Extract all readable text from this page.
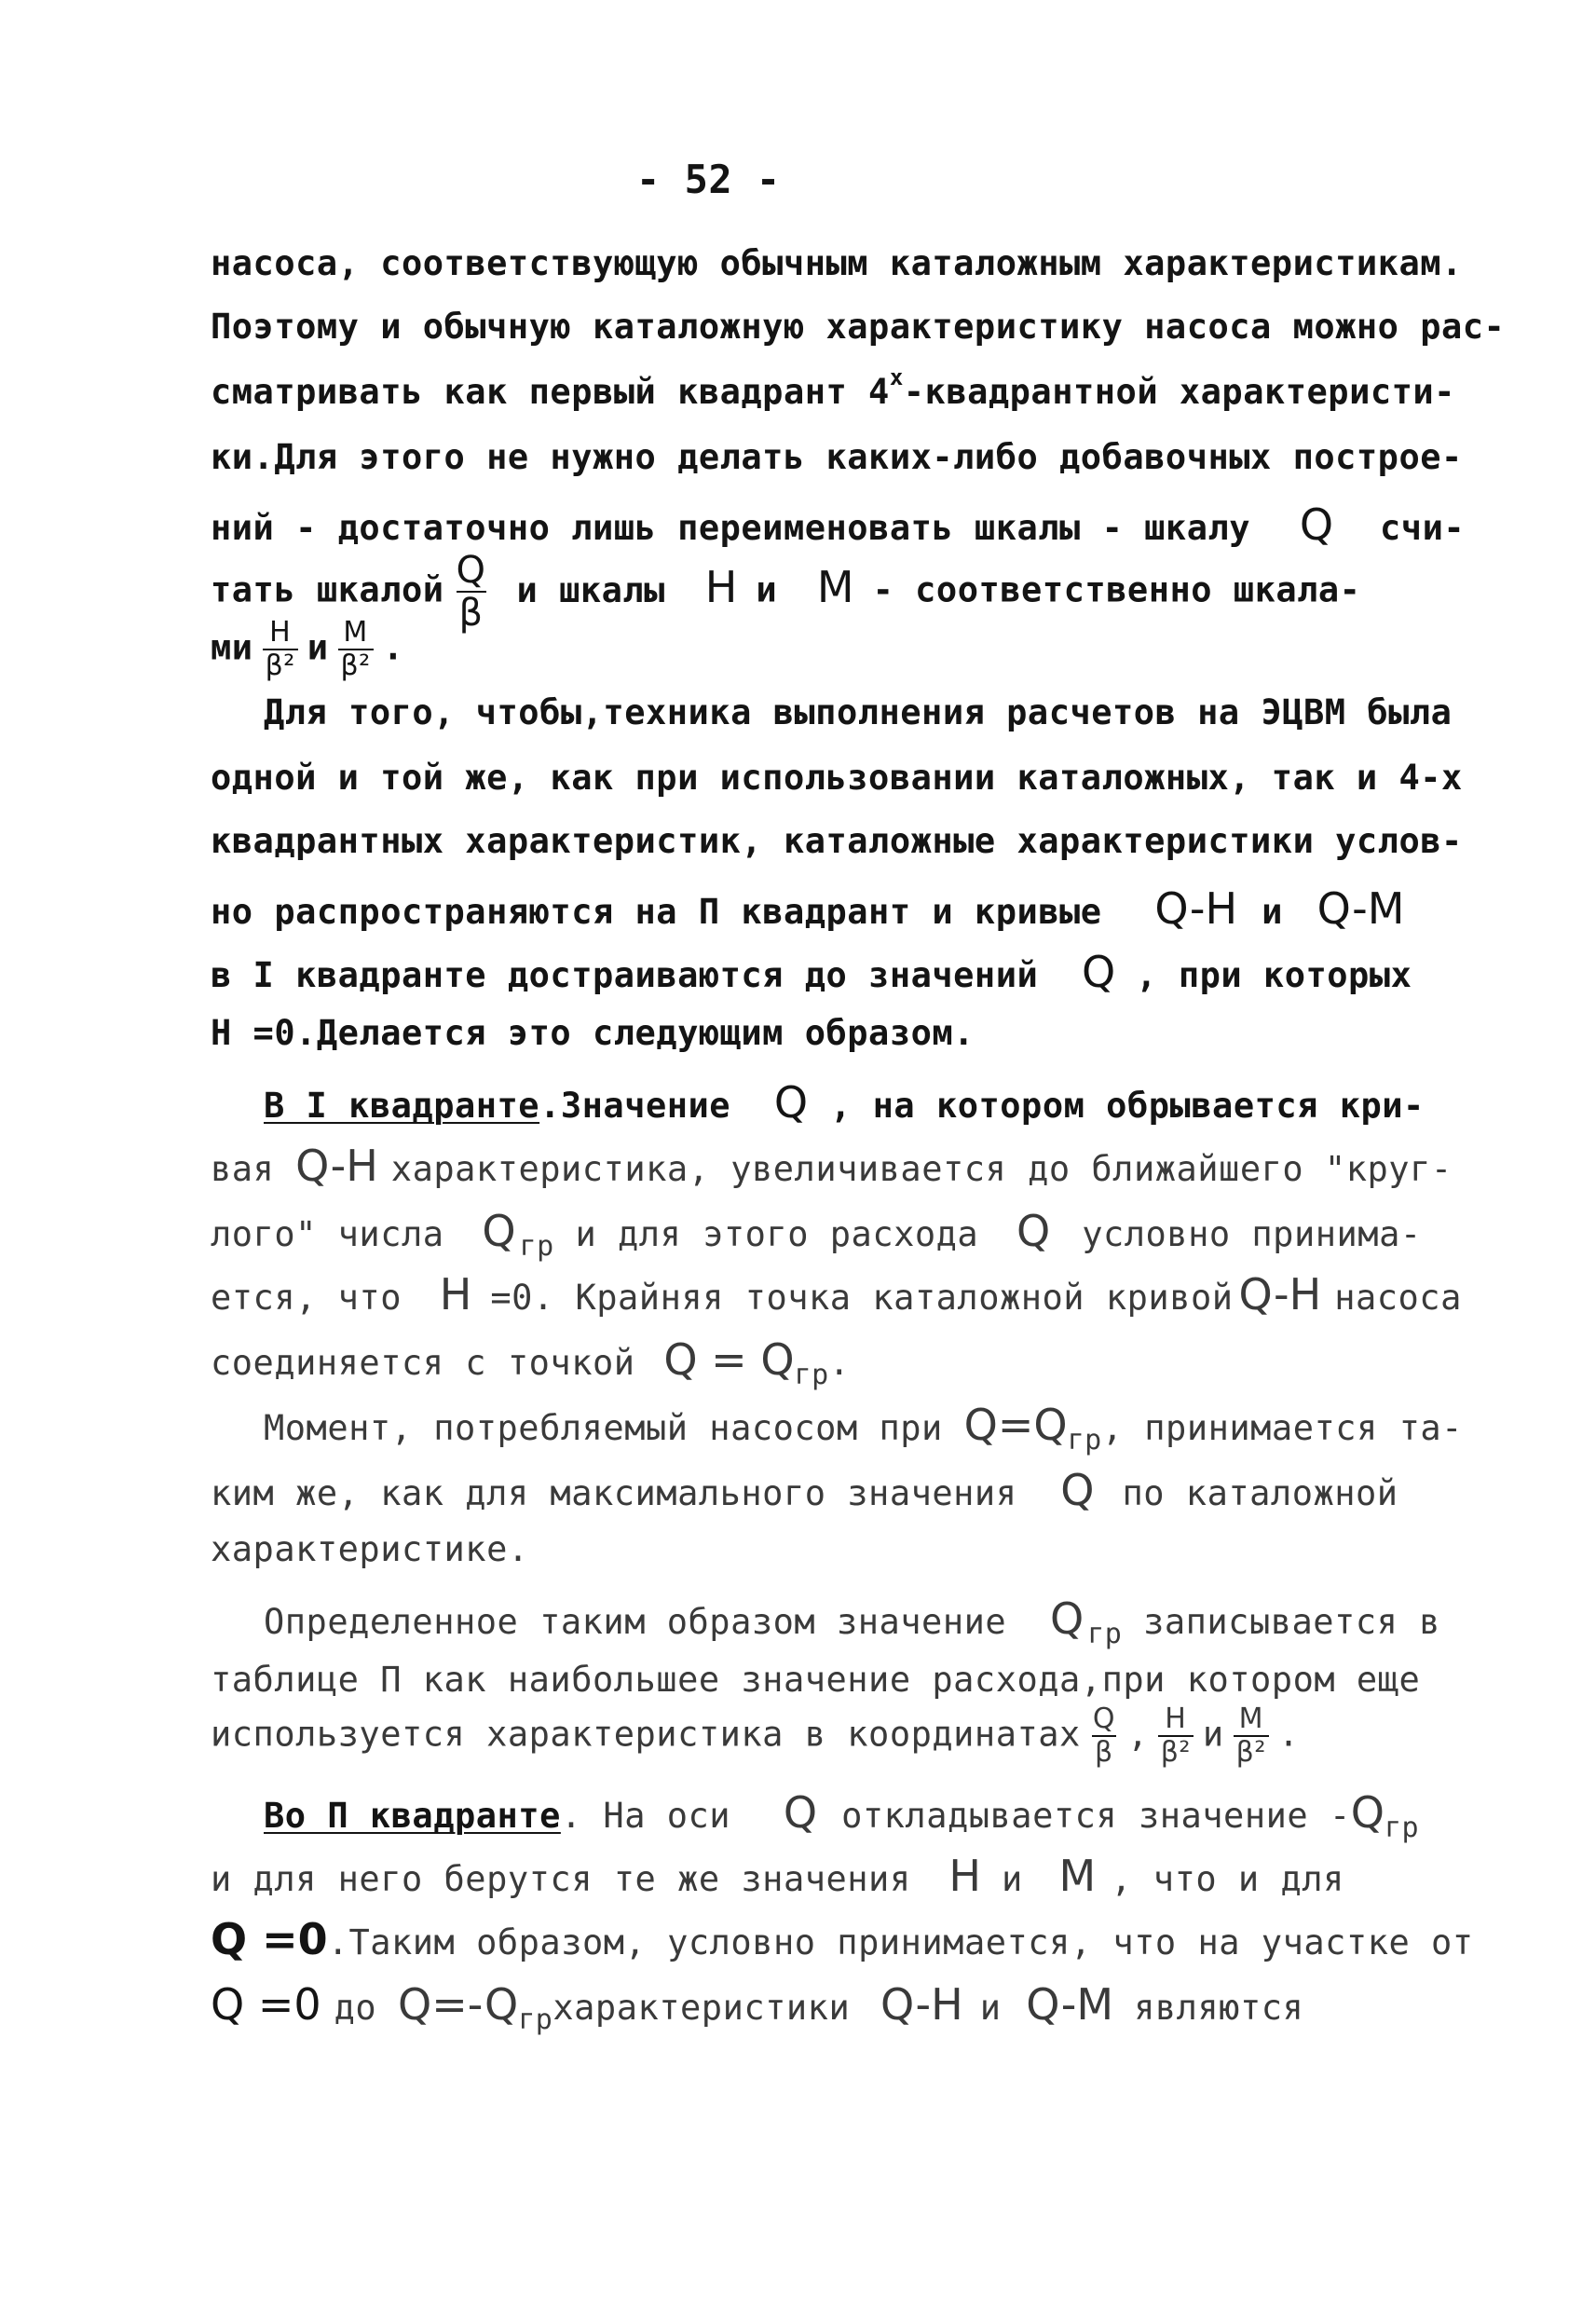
- 52 -
насоса, соответствующую обычным каталожным характеристикам.
Поэтому и обычную каталожную характеристику насоса можно рас-
сматривать как первый квадрант $4^х$-квадрантной характеристи-
ки.Для этого не нужно делать каких-либо добавочных построе-
ний - достаточно лишь переименовать шкалы - шкалу Q счи-
тать шкалой $\frac{Q}{\beta}$ и шкалы H и M - соответственно шкала-
ми $\frac{H}{\text{β²}}$ и $\frac{M}{\text{β²}}$ .
Для того, чтобы,техника выполнения расчетов на ЭЦВМ была
одной и той же, как при использовании каталожных, так и 4-х
квадрантных характеристик, каталожные характеристики услов-
но распространяются на П квадрант и кривые Q-H и Q-M
в I квадранте достраиваются до значений Q , при которых
Н =0.Делается это следующим образом.
В I квадранте.Значение Q , на котором обрывается кри-
вая Q-H характеристика, увеличивается до ближайшего "круг-
лого" числа Q $_{гр}$ и для этого расхода Q условно принима-
ется, что H =0. Крайняя точка каталожной кривой Q-H насоса
соединяется с точкой $Q = Q_{гр}$.
Момент, потребляемый насосом при $Q=Q_{гр}$, принимается та-
ким же, как для максимального значения Q по каталожной
характеристике.
Определенное таким образом значение Q $_{гр}$ записывается в
таблице П как наибольшее значение расхода,при котором еще
используется характеристика в координатах $\frac{Q}{\beta}$ , $\frac{H}{\text{β²}}$ и $\frac{M}{\text{β²}}$ .
Во П квадранте. На оси Q откладывается значение $-Q_{гр}$
и для него берутся те же значения H и M , что и для
Q =0.Таким образом, условно принимается, что на участке от
Q =0 до $Q=-Q_{гр}характеристики$ Q-H и Q-M являются
